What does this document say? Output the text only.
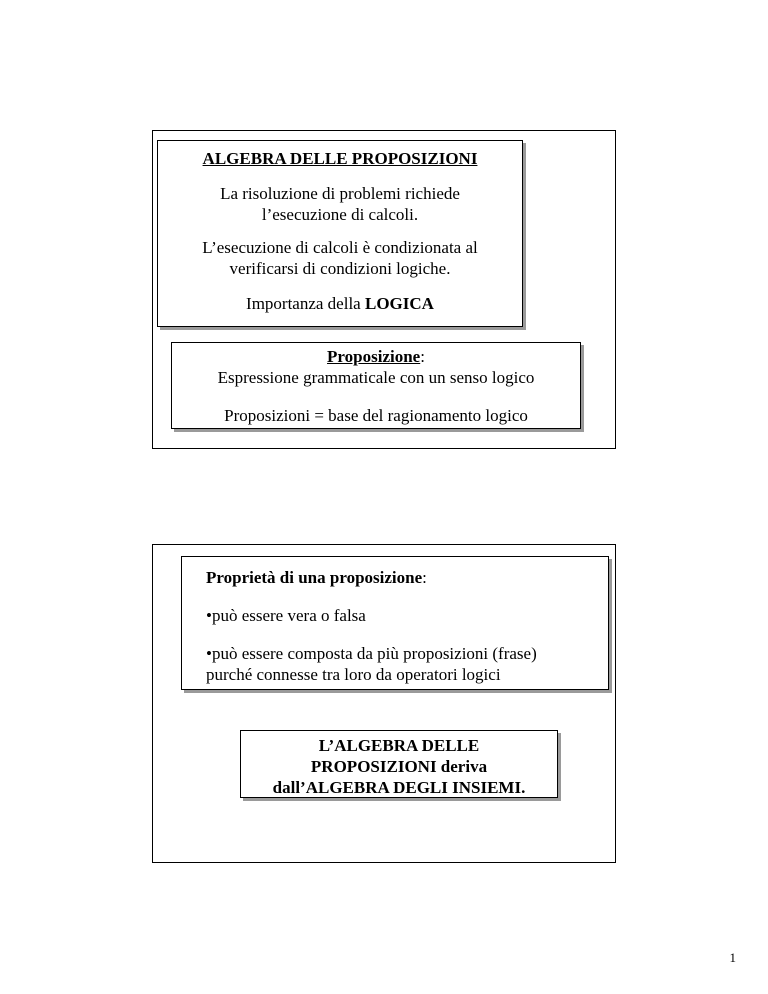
ALGEBRA DELLE PROPOSIZIONI
La risoluzione di problemi richiede
l’esecuzione di calcoli.
L’esecuzione di calcoli è condizionata al
verificarsi di condizioni logiche.
Importanza della LOGICA
Proposizione:
Espressione grammaticale con un senso logico
Proposizioni = base del ragionamento logico
Proprietà di una proposizione:
•può essere vera o falsa
•può essere composta da più proposizioni (frase)
purché connesse tra loro da operatori logici
L’ALGEBRA DELLE
PROPOSIZIONI deriva
dall’ALGEBRA DEGLI INSIEMI.
1
